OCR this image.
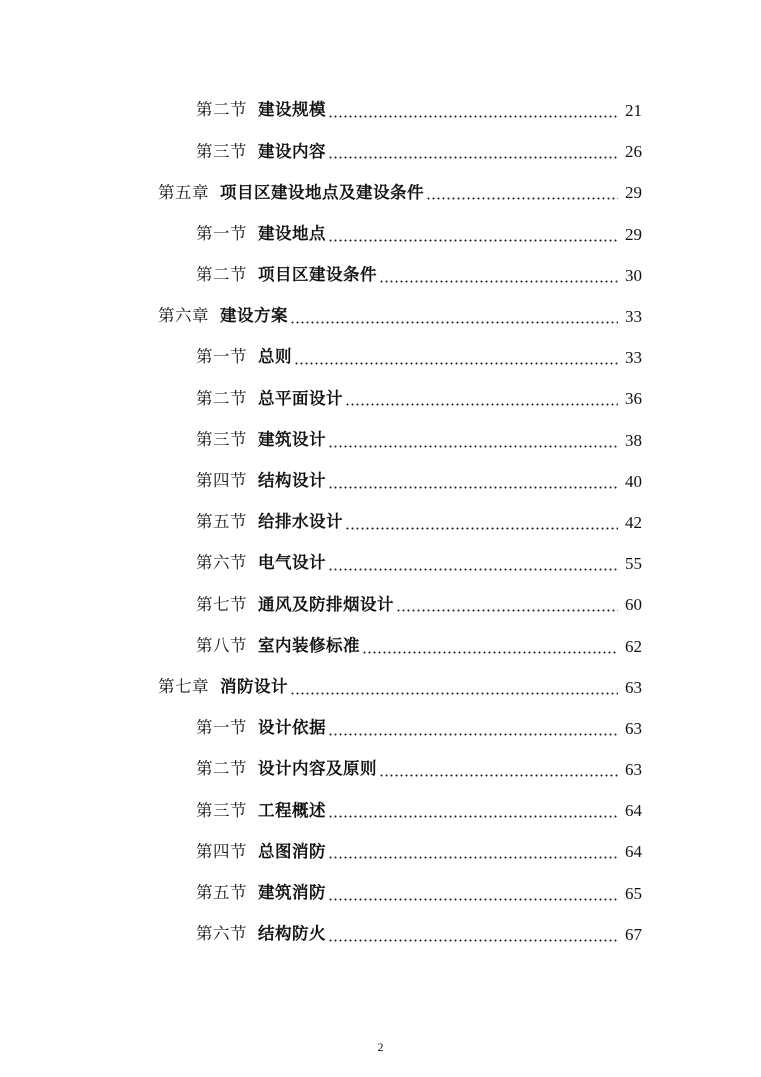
第二节 建设规模	21
第三节 建设内容	26
第五章 项目区建设地点及建设条件	29
第一节 建设地点	29
第二节 项目区建设条件	30
第六章 建设方案	33
第一节 总则	33
第二节 总平面设计	36
第三节 建筑设计	38
第四节 结构设计	40
第五节 给排水设计	42
第六节 电气设计	55
第七节 通风及防排烟设计	60
第八节 室内装修标准	62
第七章 消防设计	63
第一节 设计依据	63
第二节 设计内容及原则	63
第三节 工程概述	64
第四节 总图消防	64
第五节 建筑消防	65
第六节 结构防火	67
2
